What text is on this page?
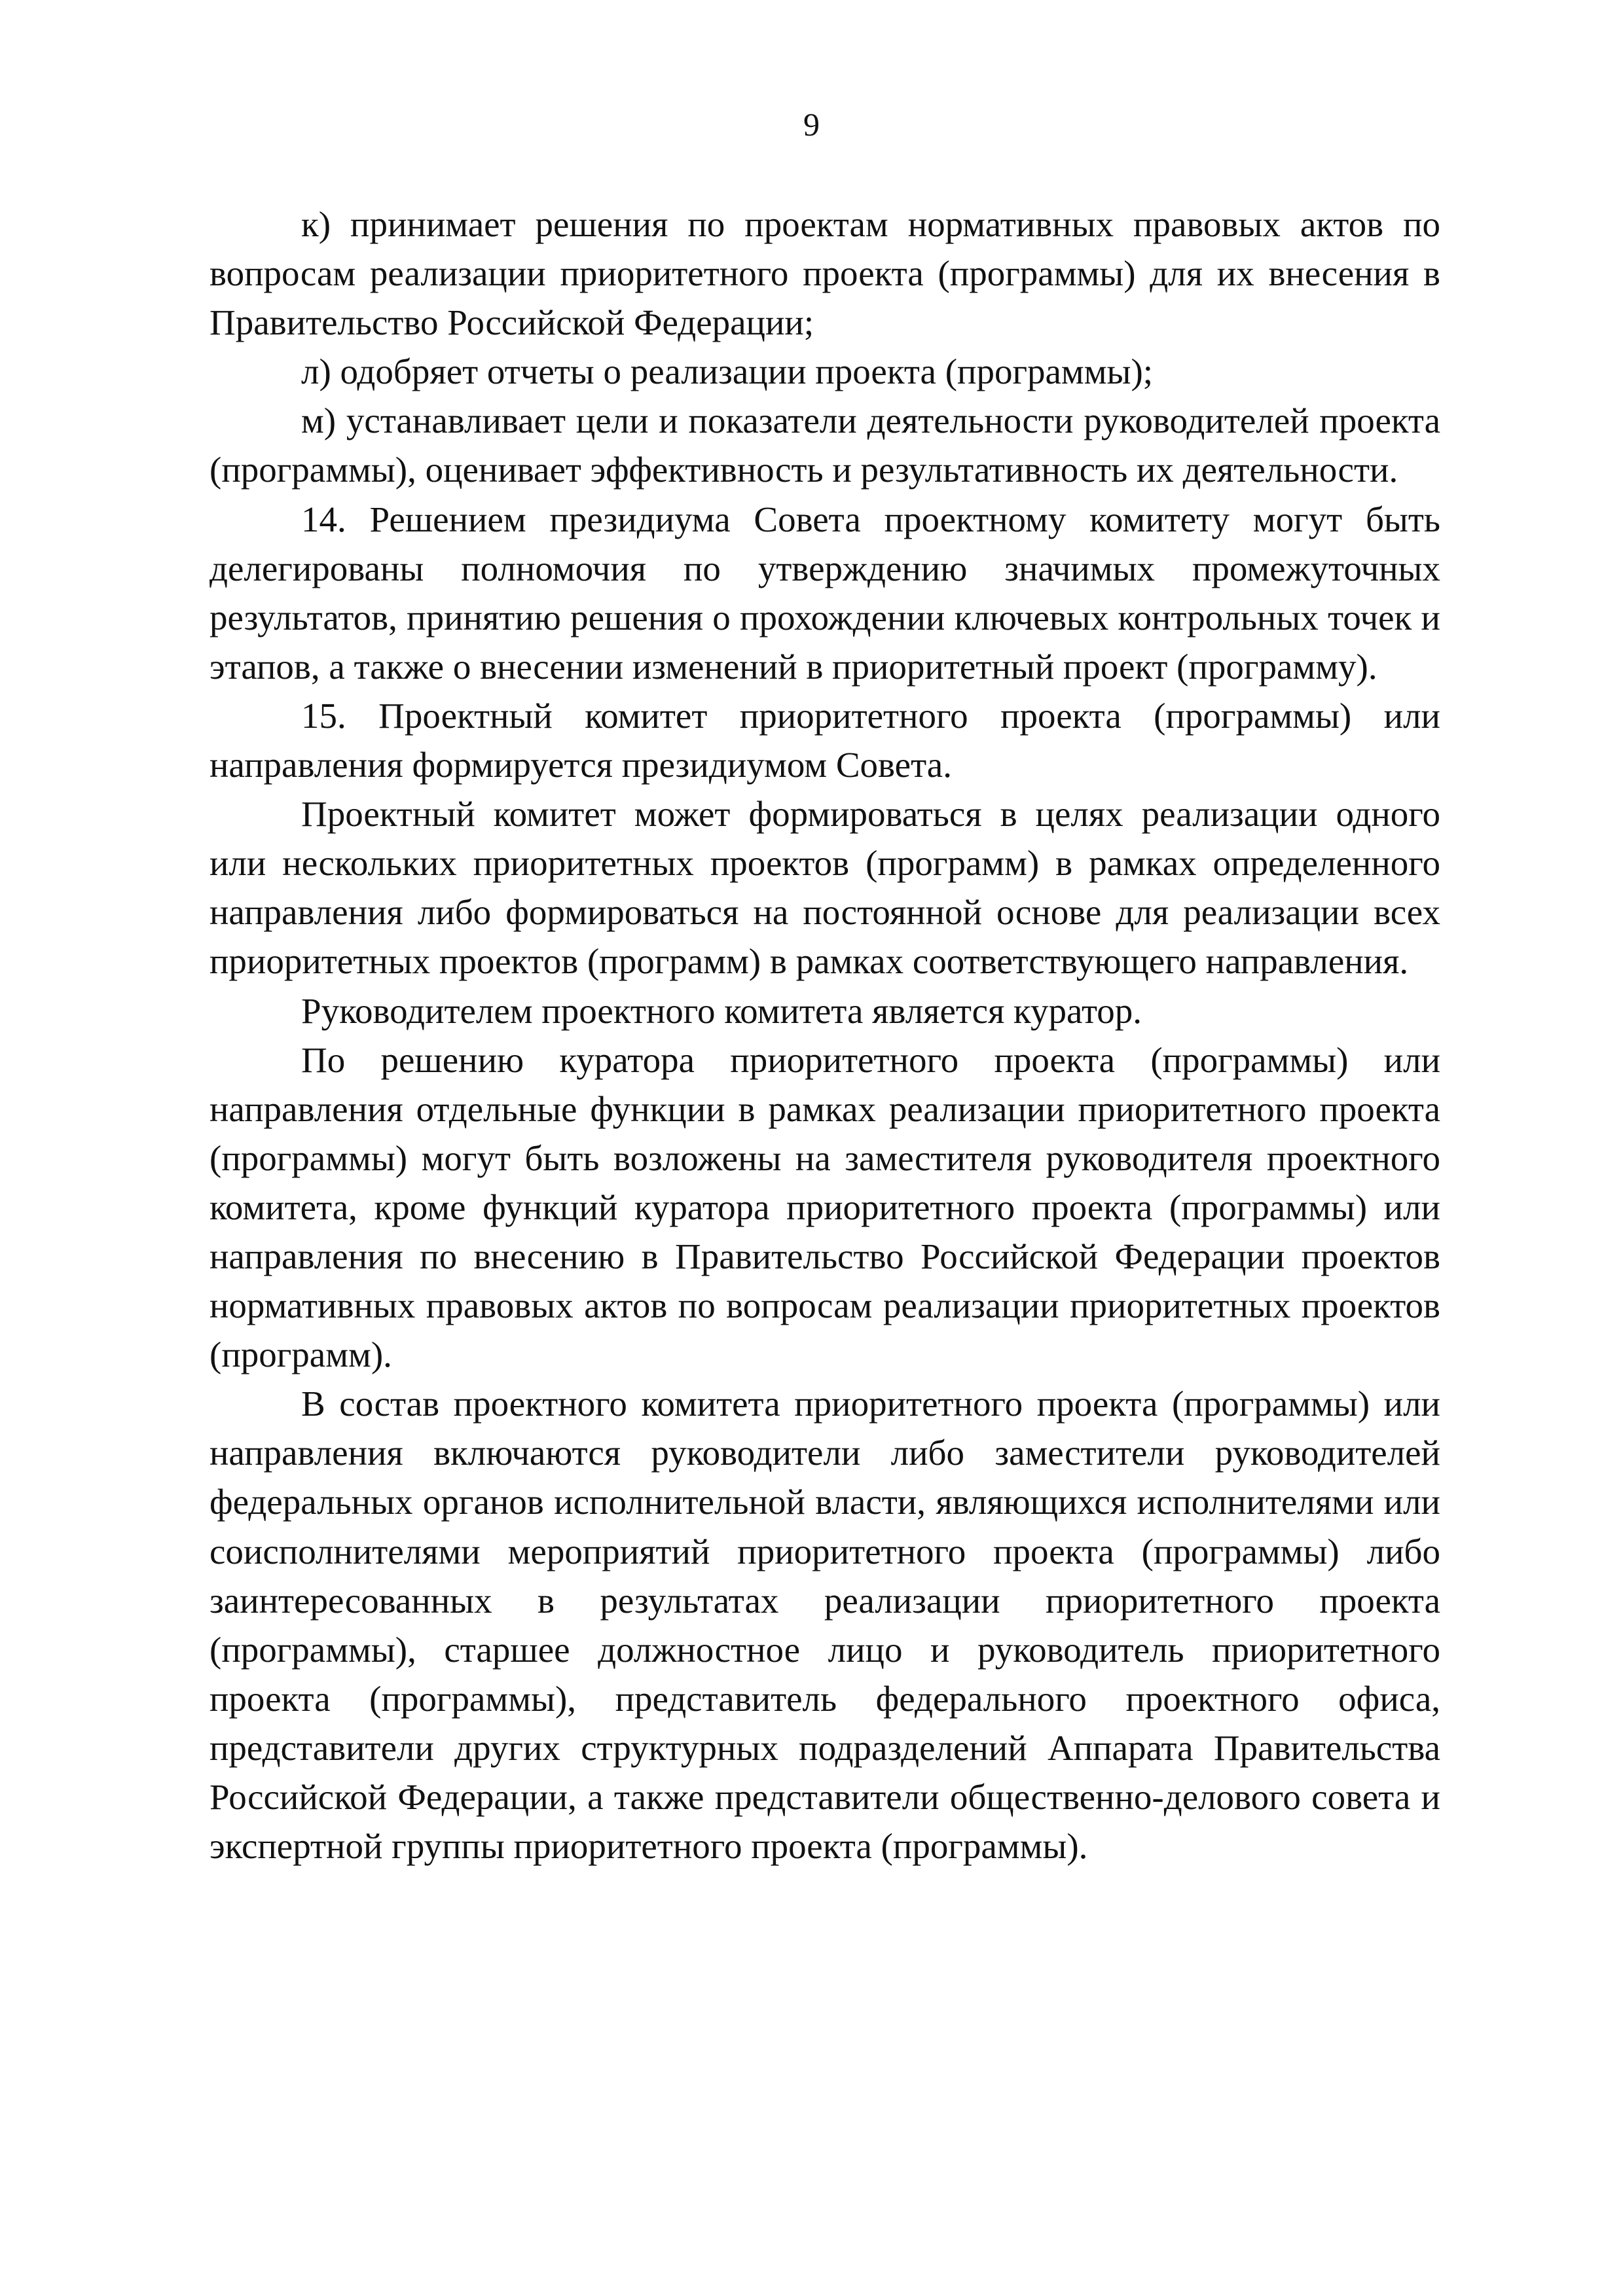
9

к) принимает решения по проектам нормативных правовых актов по вопросам реализации приоритетного проекта (программы) для их внесения в Правительство Российской Федерации;

л) одобряет отчеты о реализации проекта (программы);

м) устанавливает цели и показатели деятельности руководителей проекта (программы), оценивает эффективность и результативность их деятельности.

14. Решением президиума Совета проектному комитету могут быть делегированы полномочия по утверждению значимых промежуточных результатов, принятию решения о прохождении ключевых контрольных точек и этапов, а также о внесении изменений в приоритетный проект (программу).

15. Проектный комитет приоритетного проекта (программы) или направления формируется президиумом Совета.

Проектный комитет может формироваться в целях реализации одного или нескольких приоритетных проектов (программ) в рамках определенного направления либо формироваться на постоянной основе для реализации всех приоритетных проектов (программ) в рамках соответствующего направления.

Руководителем проектного комитета является куратор.

По решению куратора приоритетного проекта (программы) или направления отдельные функции в рамках реализации приоритетного проекта (программы) могут быть возложены на заместителя руководителя проектного комитета, кроме функций куратора приоритетного проекта (программы) или направления по внесению в Правительство Российской Федерации проектов нормативных правовых актов по вопросам реализации приоритетных проектов (программ).

В состав проектного комитета приоритетного проекта (программы) или направления включаются руководители либо заместители руководителей федеральных органов исполнительной власти, являющихся исполнителями или соисполнителями мероприятий приоритетного проекта (программы) либо заинтересованных в результатах реализации приоритетного проекта (программы), старшее должностное лицо и руководитель приоритетного проекта (программы), представитель федерального проектного офиса, представители других структурных подразделений Аппарата Правительства Российской Федерации, а также представители общественно-делового совета и экспертной группы приоритетного проекта (программы).
